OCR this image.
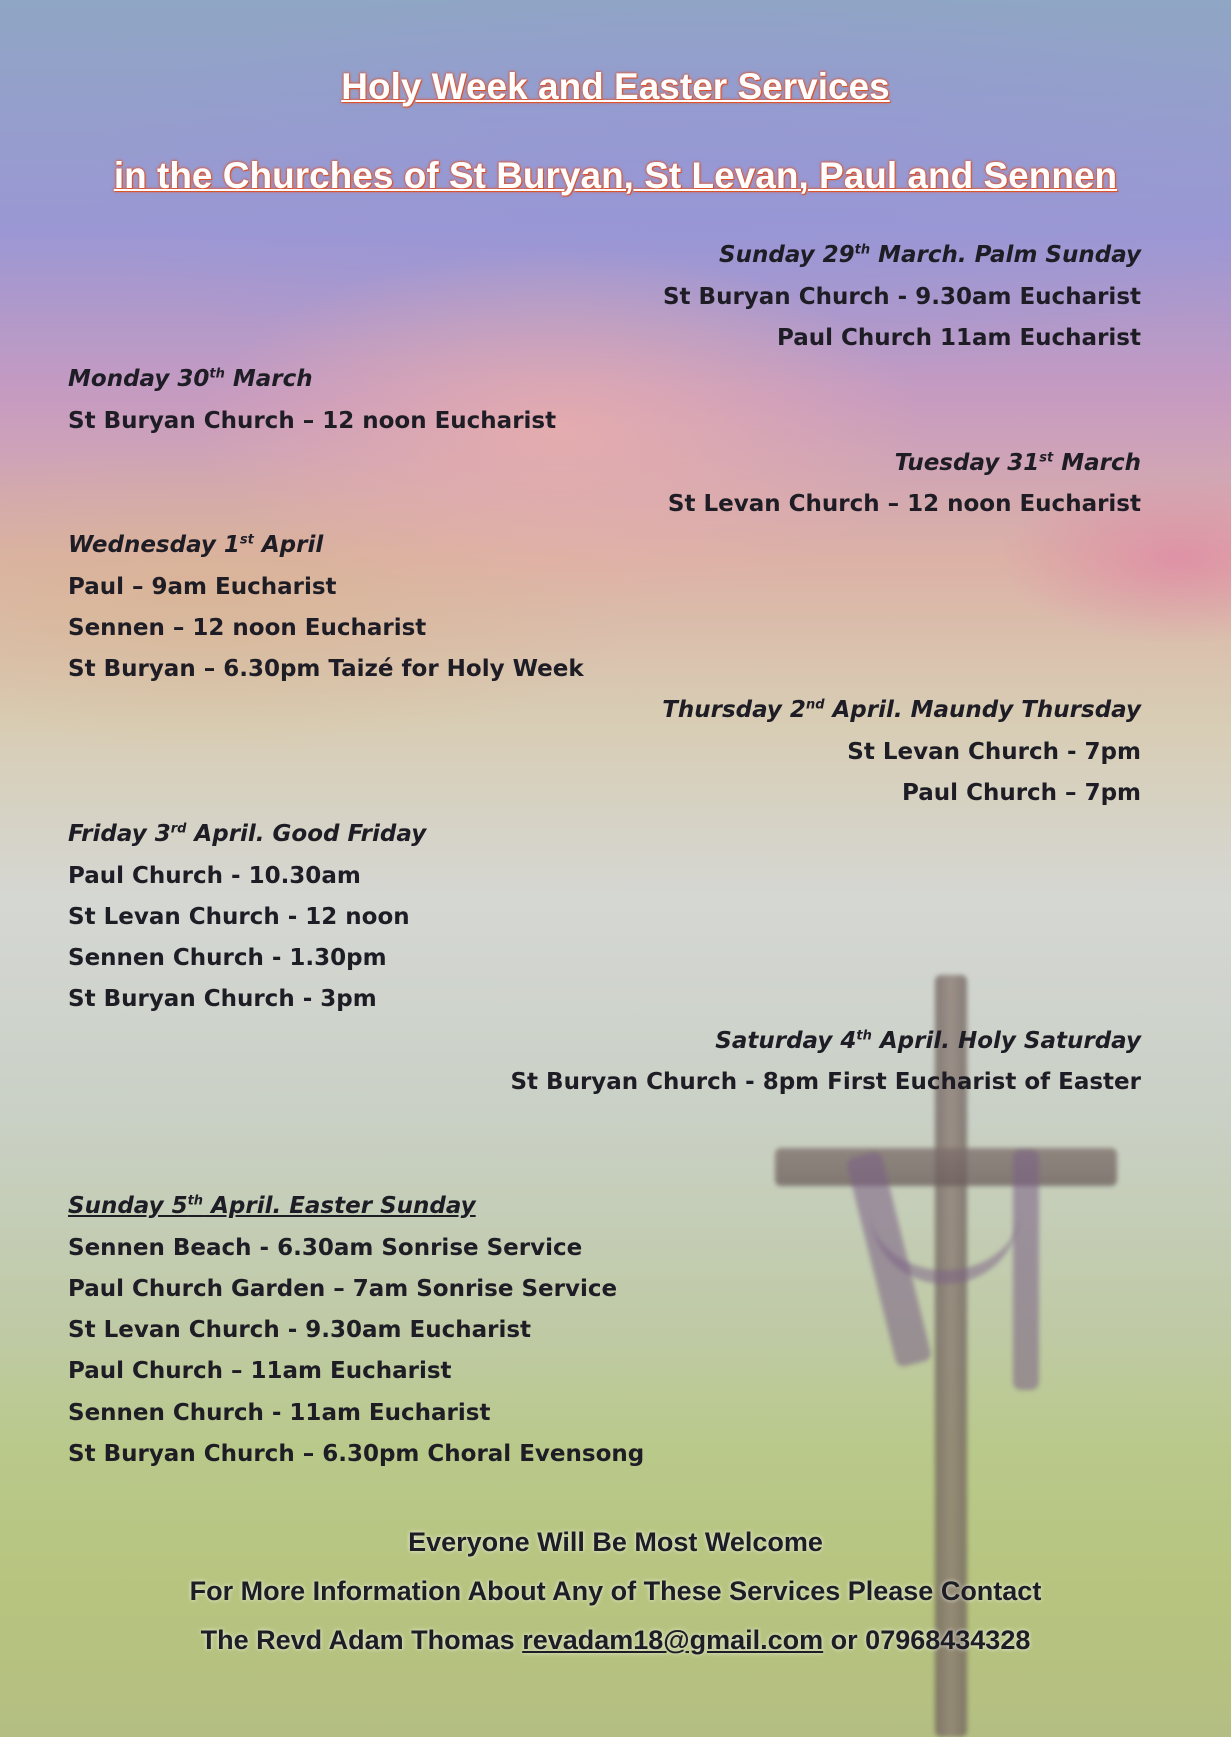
Holy Week and Easter Services
in the Churches of St Buryan, St Levan, Paul and Sennen

Sunday 29th March. Palm Sunday

St Buryan Church - 9.30am Eucharist

Paul Church 11am Eucharist

Monday 30th March

St Buryan Church – 12 noon Eucharist

Tuesday 31st March

St Levan Church – 12 noon Eucharist

Wednesday 1st April

Paul – 9am Eucharist

Sennen – 12 noon Eucharist

St Buryan – 6.30pm Taizé for Holy Week

Thursday 2nd April. Maundy Thursday

St Levan Church - 7pm

Paul Church – 7pm

Friday 3rd April. Good Friday

Paul Church - 10.30am

St Levan Church - 12 noon

Sennen Church - 1.30pm

St Buryan Church - 3pm

Saturday 4th April. Holy Saturday

St Buryan Church - 8pm First Eucharist of Easter

Sunday 5th April. Easter Sunday

Sennen Beach - 6.30am Sonrise Service

Paul Church Garden – 7am Sonrise Service

St Levan Church - 9.30am Eucharist

Paul Church – 11am Eucharist

Sennen Church - 11am Eucharist

St Buryan Church – 6.30pm Choral Evensong

Everyone Will Be Most Welcome

For More Information About Any of These Services Please Contact

The Revd Adam Thomas revadam18@gmail.com or 07968434328
